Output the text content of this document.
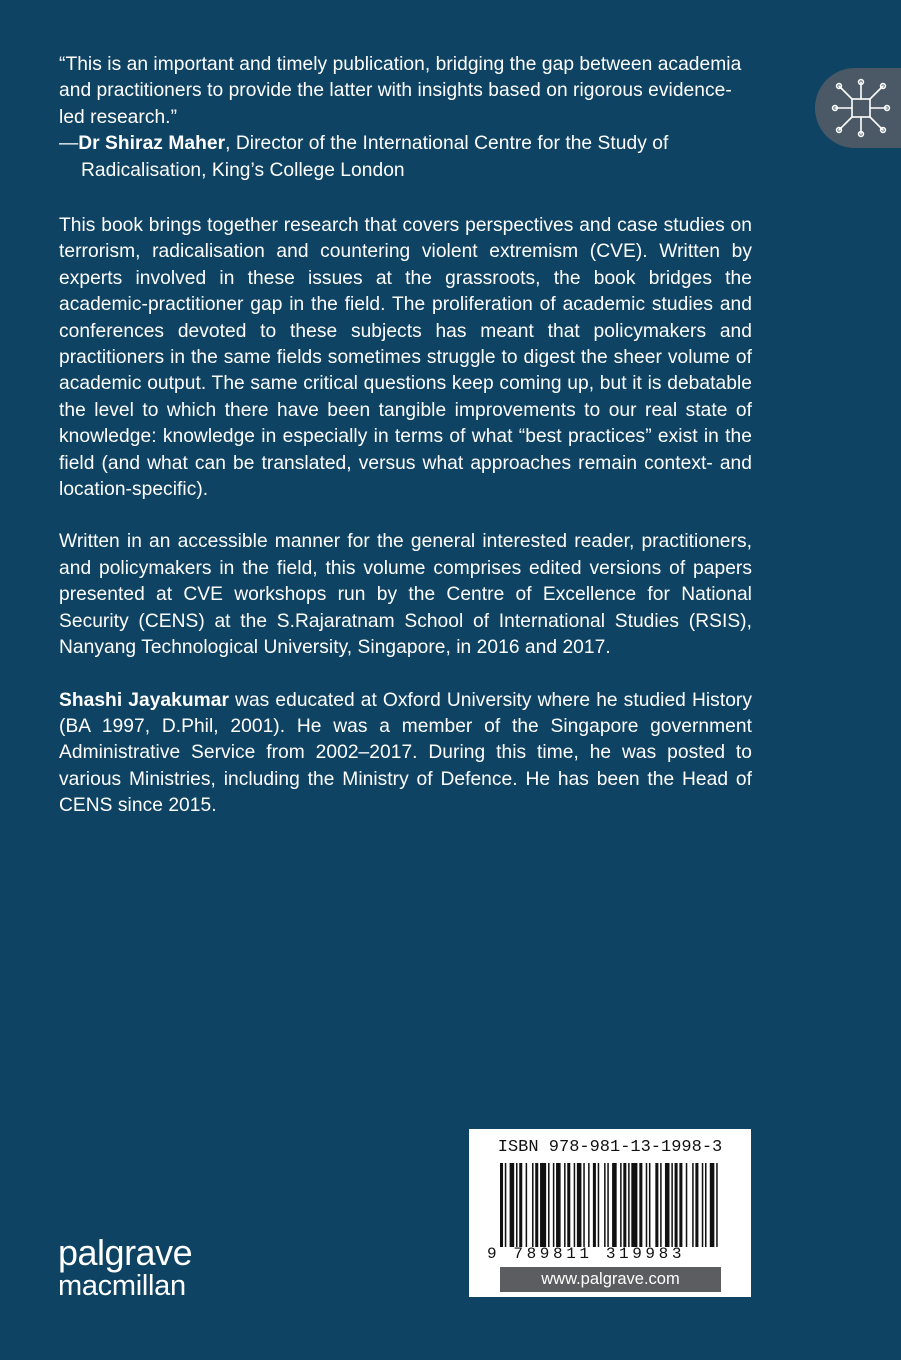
“This is an important and timely publication, bridging the gap between academia and practitioners to provide the latter with insights based on rigorous evidence-led research.”

—Dr Shiraz Maher, Director of the International Centre for the Study of Radicalisation, King’s College London

This book brings together research that covers perspectives and case studies on terrorism, radicalisation and countering violent extremism (CVE). Written by experts involved in these issues at the grassroots, the book bridges the academic-practitioner gap in the field. The proliferation of academic studies and conferences devoted to these subjects has meant that policymakers and practitioners in the same fields sometimes struggle to digest the sheer volume of academic output. The same critical questions keep coming up, but it is debatable the level to which there have been tangible improvements to our real state of knowledge: knowledge in especially in terms of what “best practices” exist in the field (and what can be translated, versus what approaches remain context- and location-specific).

Written in an accessible manner for the general interested reader, practitioners, and policymakers in the field, this volume comprises edited versions of papers presented at CVE workshops run by the Centre of Excellence for National Security (CENS) at the S.Rajaratnam School of International Studies (RSIS), Nanyang Technological University, Singapore, in 2016 and 2017.

Shashi Jayakumar was educated at Oxford University where he studied History (BA 1997, D.Phil, 2001). He was a member of the Singapore government Administrative Service from 2002–2017. During this time, he was posted to various Ministries, including the Ministry of Defence. He has been the Head of CENS since 2015.

palgrave
macmillan
ISBN 978-981-13-1998-3
9 789811 319983
www.palgrave.com
